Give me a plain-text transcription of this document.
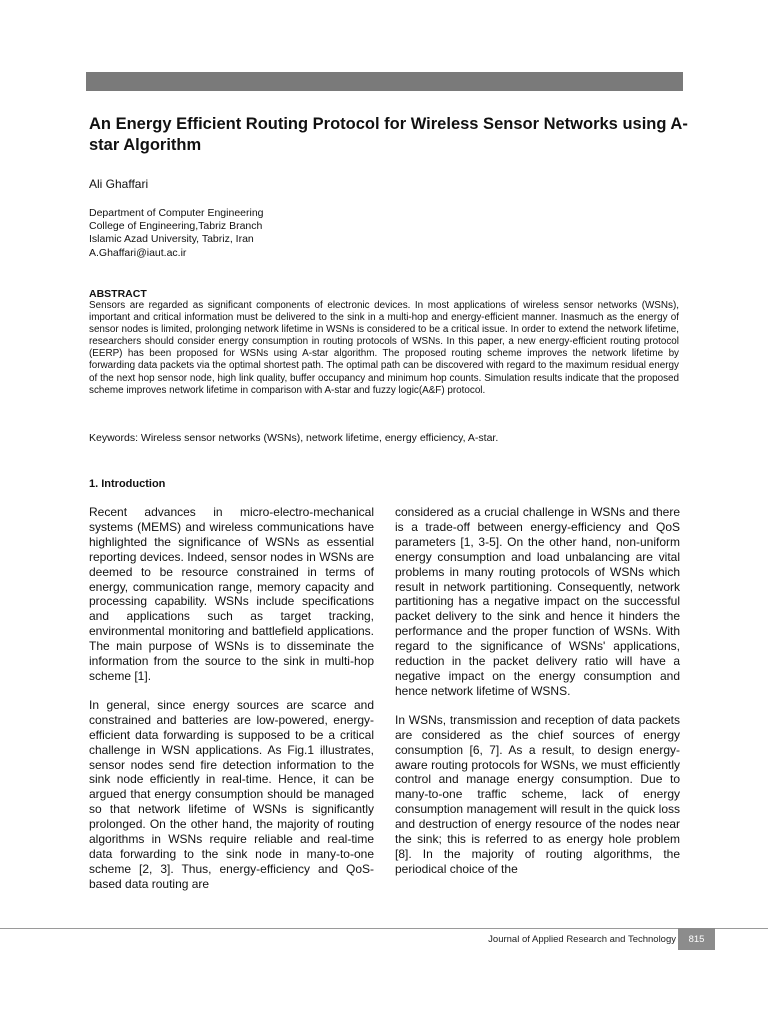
An Energy Efficient Routing Protocol for Wireless Sensor Networks using A-star Algorithm
Ali Ghaffari
Department of Computer Engineering
College of Engineering,Tabriz Branch
Islamic Azad University, Tabriz, Iran
A.Ghaffari@iaut.ac.ir
ABSTRACT

Sensors are regarded as significant components of electronic devices. In most applications of wireless sensor networks (WSNs), important and critical information must be delivered to the sink in a multi-hop and energy-efficient manner. Inasmuch as the energy of sensor nodes is limited, prolonging network lifetime in WSNs is considered to be a critical issue. In order to extend the network lifetime, researchers should consider energy consumption in routing protocols of WSNs. In this paper, a new energy-efficient routing protocol (EERP) has been proposed for WSNs using A-star algorithm. The proposed routing scheme improves the network lifetime by forwarding data packets via the optimal shortest path. The optimal path can be discovered with regard to the maximum residual energy of the next hop sensor node, high link quality, buffer occupancy and minimum hop counts. Simulation results indicate that the proposed scheme improves network lifetime in comparison with A-star and fuzzy logic(A&F) protocol.

Keywords: Wireless sensor networks (WSNs), network lifetime, energy efficiency, A-star.
1. Introduction

Recent advances in micro-electro-mechanical systems (MEMS) and wireless communications have highlighted the significance of WSNs as essential reporting devices. Indeed, sensor nodes in WSNs are deemed to be resource constrained in terms of energy, communication range, memory capacity and processing capability. WSNs include specifications and applications such as target tracking, environmental monitoring and battlefield applications. The main purpose of WSNs is to disseminate the information from the source to the sink in multi-hop scheme [1].

In general, since energy sources are scarce and constrained and batteries are low-powered, energy-efficient data forwarding is supposed to be a critical challenge in WSN applications. As Fig.1 illustrates, sensor nodes send fire detection information to the sink node efficiently in real-time. Hence, it can be argued that energy consumption should be managed so that network lifetime of WSNs is significantly prolonged. On the other hand, the majority of routing algorithms in WSNs require reliable and real-time data forwarding to the sink node in many-to-one scheme [2, 3]. Thus, energy-efficiency and QoS-based data routing are

considered as a crucial challenge in WSNs and there is a trade-off between energy-efficiency and QoS parameters [1, 3-5]. On the other hand, non-uniform energy consumption and load unbalancing are vital problems in many routing protocols of WSNs which result in network partitioning. Consequently, network partitioning has a negative impact on the successful packet delivery to the sink and hence it hinders the performance and the proper function of WSNs. With regard to the significance of WSNs' applications, reduction in the packet delivery ratio will have a negative impact on the energy consumption and hence network lifetime of WSNS.

In WSNs, transmission and reception of data packets are considered as the chief sources of energy consumption [6, 7]. As a result, to design energy-aware routing protocols for WSNs, we must efficiently control and manage energy consumption. Due to many-to-one traffic scheme, lack of energy consumption management will result in the quick loss and destruction of energy resource of the nodes near the sink; this is referred to as energy hole problem [8]. In the majority of routing algorithms, the periodical choice of the

Journal of Applied Research and Technology	815
